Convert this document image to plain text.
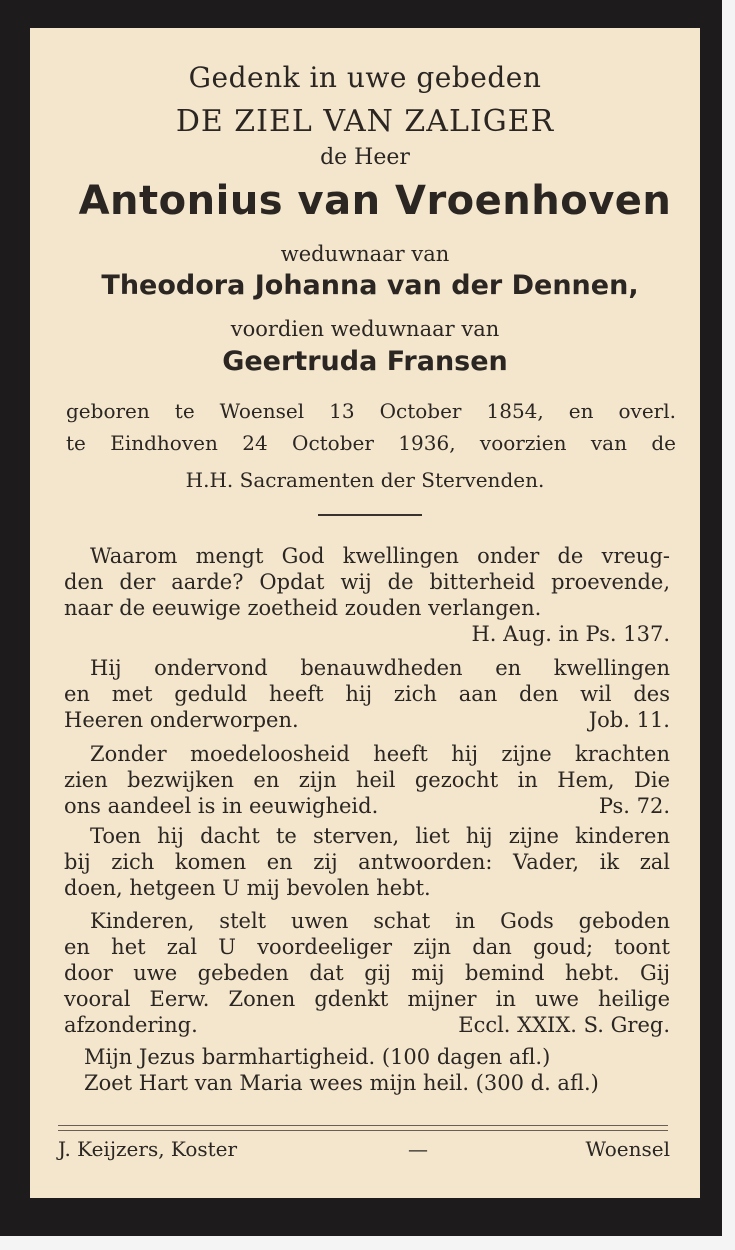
Gedenk in uwe gebeden
DE ZIEL VAN ZALIGER
de Heer
Antonius van Vroenhoven
weduwnaar van
Theodora Johanna van der Dennen,
voordien weduwnaar van
Geertruda Fransen
geboren te Woensel 13 October 1854, en overl.
te Eindhoven 24 October 1936, voorzien van de
H.H. Sacramenten der Stervenden.
Waarom mengt God kwellingen onder de vreug-
den der aarde? Opdat wij de bitterheid proevende,
naar de eeuwige zoetheid zouden verlangen.
H. Aug. in Ps. 137.
Hij ondervond benauwdheden en kwellingen
en met geduld heeft hij zich aan den wil des
Heeren onderworpen.	Job. 11.
Zonder moedeloosheid heeft hij zijne krachten
zien bezwijken en zijn heil gezocht in Hem, Die
ons aandeel is in eeuwigheid.	Ps. 72.
Toen hij dacht te sterven, liet hij zijne kinderen
bij zich komen en zij antwoorden: Vader, ik zal
doen, hetgeen U mij bevolen hebt.
Kinderen, stelt uwen schat in Gods geboden
en het zal U voordeeliger zijn dan goud; toont
door uwe gebeden dat gij mij bemind hebt. Gij
vooral Eerw. Zonen gdenkt mijner in uwe heilige
afzondering.	Eccl. XXIX. S. Greg.
Mijn Jezus barmhartigheid. (100 dagen afl.)
Zoet Hart van Maria wees mijn heil. (300 d. afl.)
J. Keijzers, Koster	—	Woensel
